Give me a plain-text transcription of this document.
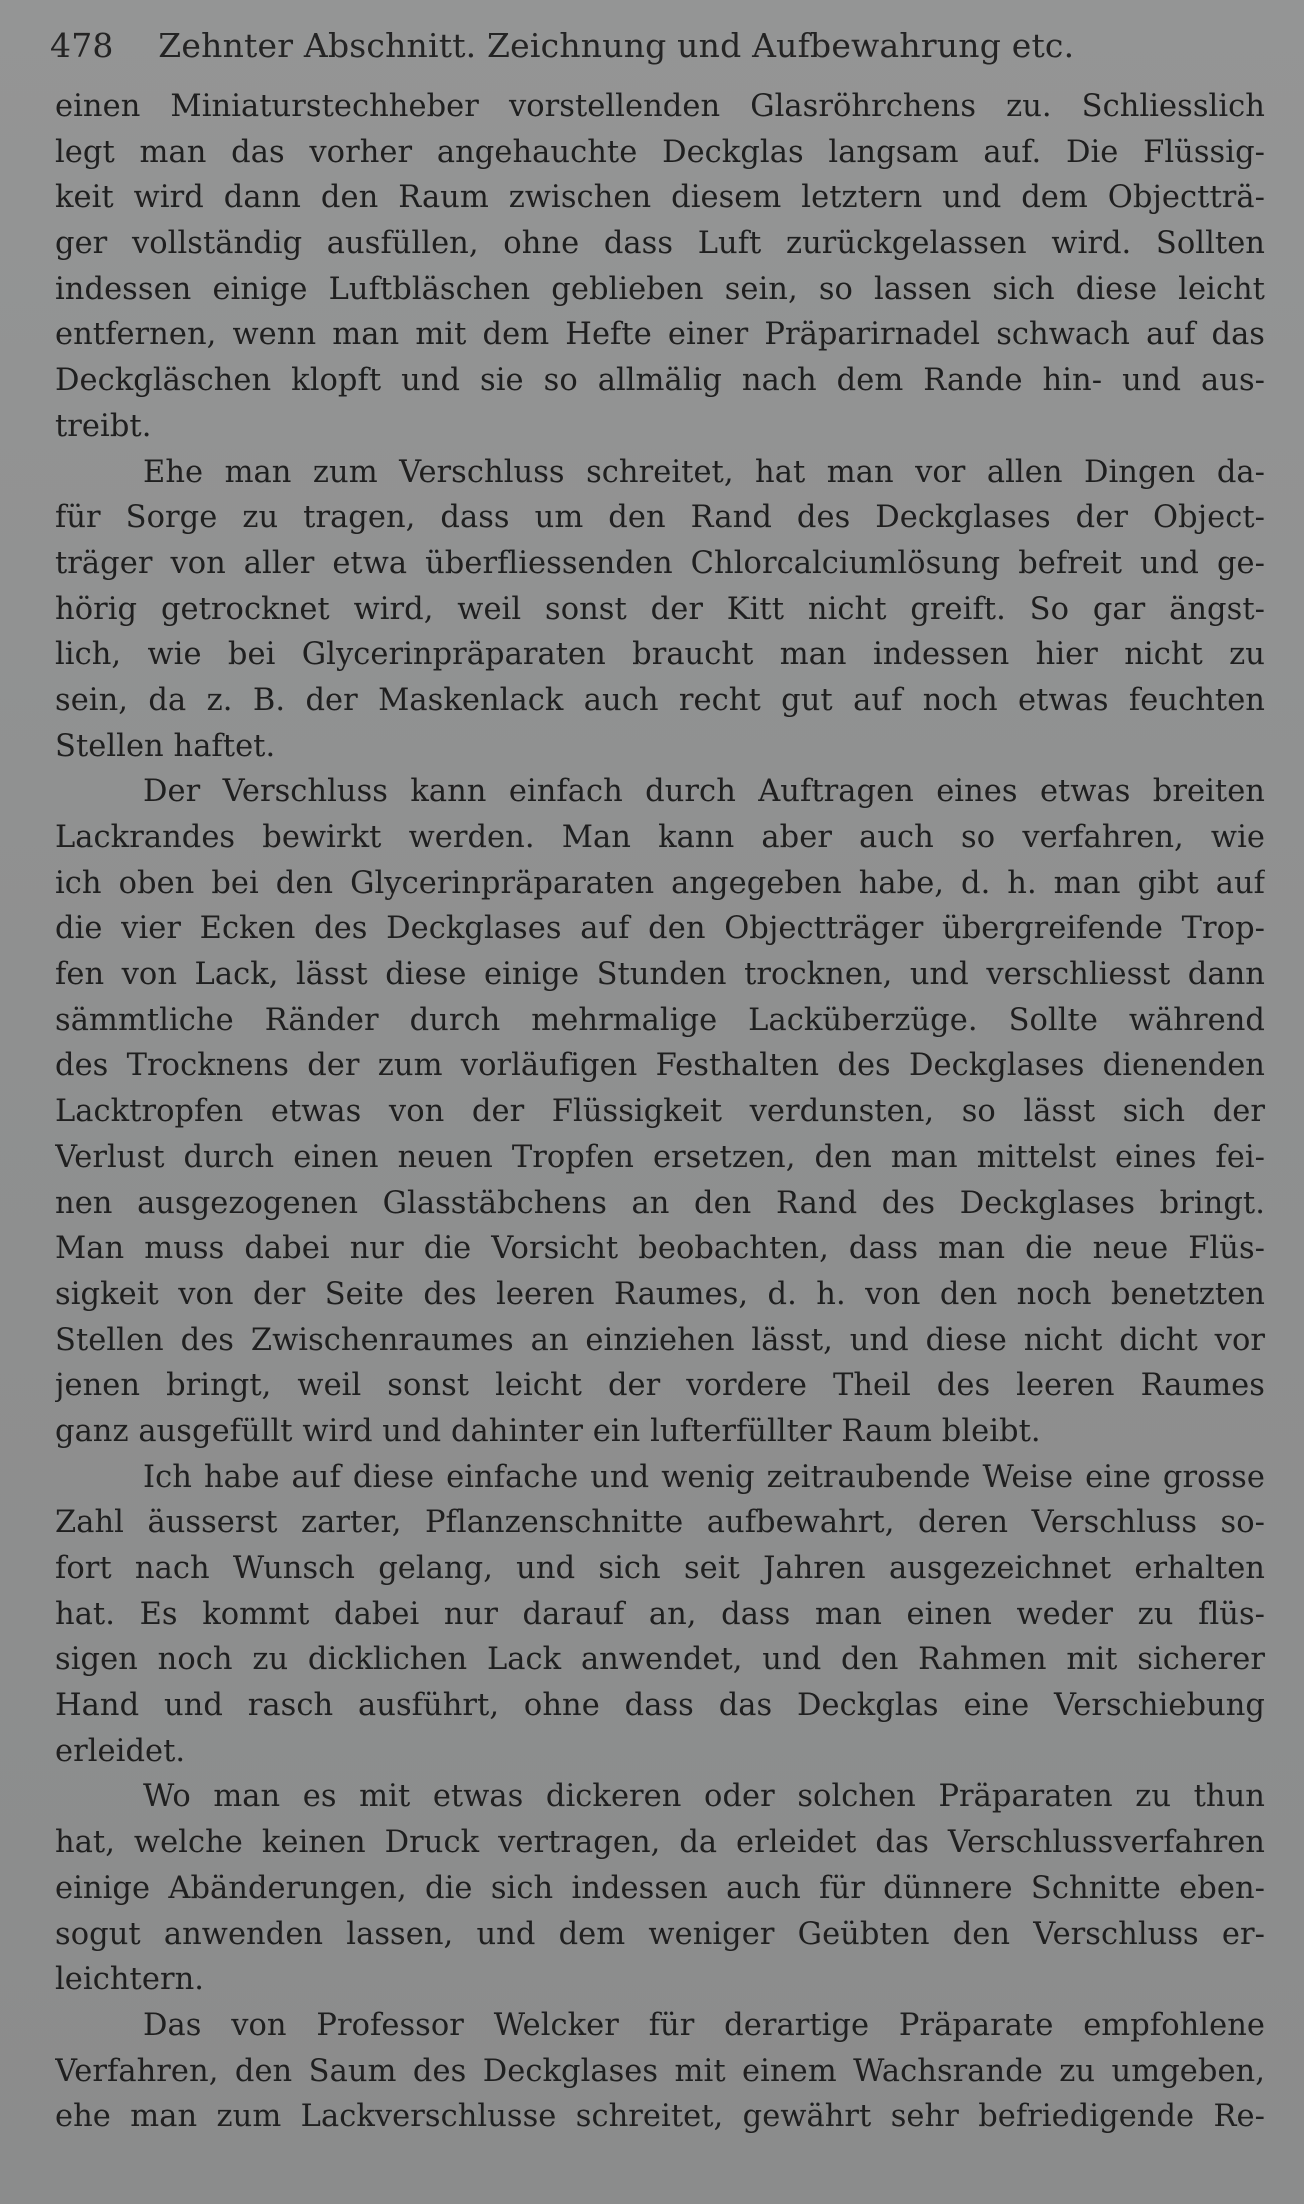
478 Zehnter Abschnitt. Zeichnung und Aufbewahrung etc.
einen Miniaturstechheber vorstellenden Glasröhrchens zu. Schliesslich
legt man das vorher angehauchte Deckglas langsam auf. Die Flüssig-
keit wird dann den Raum zwischen diesem letztern und dem Objectträ-
ger vollständig ausfüllen, ohne dass Luft zurückgelassen wird. Sollten
indessen einige Luftbläschen geblieben sein, so lassen sich diese leicht
entfernen, wenn man mit dem Hefte einer Präparirnadel schwach auf das
Deckgläschen klopft und sie so allmälig nach dem Rande hin- und aus-
treibt.
Ehe man zum Verschluss schreitet, hat man vor allen Dingen da-
für Sorge zu tragen, dass um den Rand des Deckglases der Object-
träger von aller etwa überfliessenden Chlorcalciumlösung befreit und ge-
hörig getrocknet wird, weil sonst der Kitt nicht greift. So gar ängst-
lich, wie bei Glycerinpräparaten braucht man indessen hier nicht zu
sein, da z. B. der Maskenlack auch recht gut auf noch etwas feuchten
Stellen haftet.
Der Verschluss kann einfach durch Auftragen eines etwas breiten
Lackrandes bewirkt werden. Man kann aber auch so verfahren, wie
ich oben bei den Glycerinpräparaten angegeben habe, d. h. man gibt auf
die vier Ecken des Deckglases auf den Objectträger übergreifende Trop-
fen von Lack, lässt diese einige Stunden trocknen, und verschliesst dann
sämmtliche Ränder durch mehrmalige Lacküberzüge. Sollte während
des Trocknens der zum vorläufigen Festhalten des Deckglases dienenden
Lacktropfen etwas von der Flüssigkeit verdunsten, so lässt sich der
Verlust durch einen neuen Tropfen ersetzen, den man mittelst eines fei-
nen ausgezogenen Glasstäbchens an den Rand des Deckglases bringt.
Man muss dabei nur die Vorsicht beobachten, dass man die neue Flüs-
sigkeit von der Seite des leeren Raumes, d. h. von den noch benetzten
Stellen des Zwischenraumes an einziehen lässt, und diese nicht dicht vor
jenen bringt, weil sonst leicht der vordere Theil des leeren Raumes
ganz ausgefüllt wird und dahinter ein lufterfüllter Raum bleibt.
Ich habe auf diese einfache und wenig zeitraubende Weise eine grosse
Zahl äusserst zarter, Pflanzenschnitte aufbewahrt, deren Verschluss so-
fort nach Wunsch gelang, und sich seit Jahren ausgezeichnet erhalten
hat. Es kommt dabei nur darauf an, dass man einen weder zu flüs-
sigen noch zu dicklichen Lack anwendet, und den Rahmen mit sicherer
Hand und rasch ausführt, ohne dass das Deckglas eine Verschiebung
erleidet.
Wo man es mit etwas dickeren oder solchen Präparaten zu thun
hat, welche keinen Druck vertragen, da erleidet das Verschlussverfahren
einige Abänderungen, die sich indessen auch für dünnere Schnitte eben-
sogut anwenden lassen, und dem weniger Geübten den Verschluss er-
leichtern.
Das von Professor Welcker für derartige Präparate empfohlene
Verfahren, den Saum des Deckglases mit einem Wachsrande zu umgeben,
ehe man zum Lackverschlusse schreitet, gewährt sehr befriedigende Re-
